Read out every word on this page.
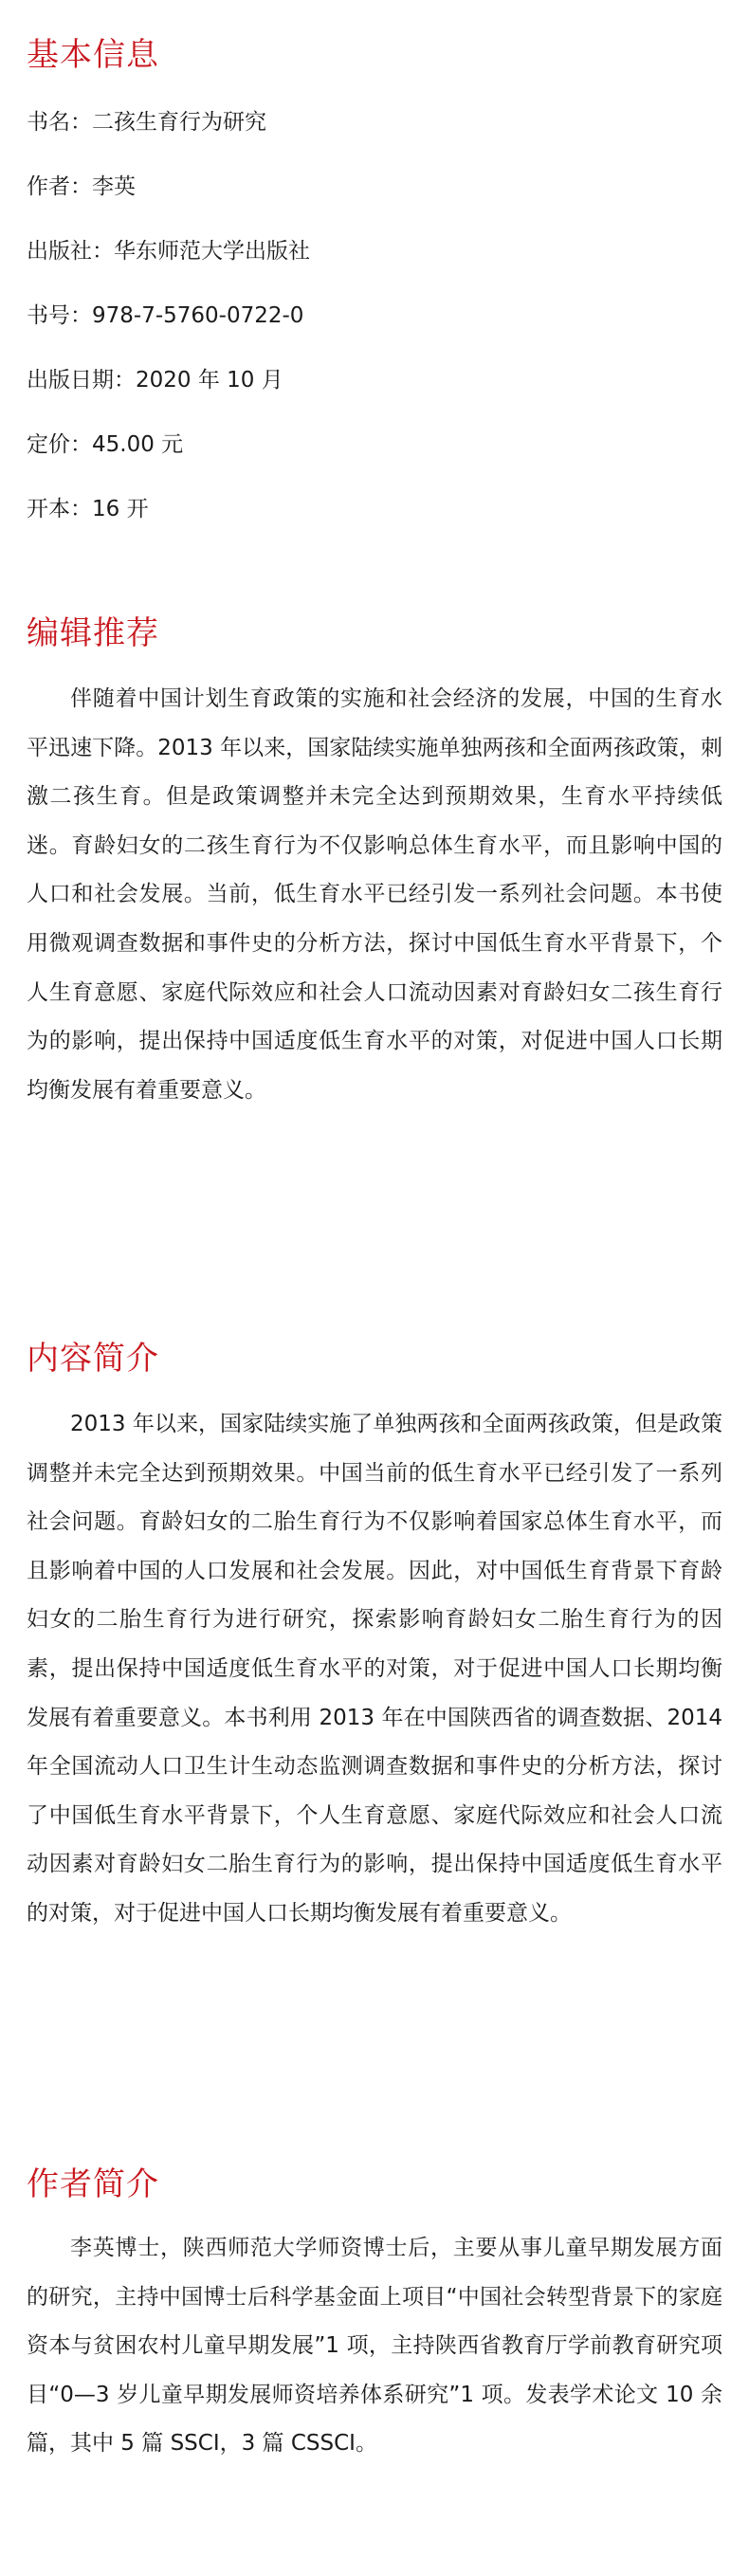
基本信息

书名：二孩生育行为研究

作者：李英

出版社：华东师范大学出版社

书号：978-7-5760-0722-0

出版日期：2020 年 10 月

定价：45.00 元

开本：16 开

编辑推荐

伴随着中国计划生育政策的实施和社会经济的发展，中国的生育水平迅速下降。2013 年以来，国家陆续实施单独两孩和全面两孩政策，刺激二孩生育。但是政策调整并未完全达到预期效果，生育水平持续低迷。育龄妇女的二孩生育行为不仅影响总体生育水平，而且影响中国的人口和社会发展。当前，低生育水平已经引发一系列社会问题。本书使用微观调查数据和事件史的分析方法，探讨中国低生育水平背景下，个人生育意愿、家庭代际效应和社会人口流动因素对育龄妇女二孩生育行为的影响，提出保持中国适度低生育水平的对策，对促进中国人口长期均衡发展有着重要意义。

内容简介

2013 年以来，国家陆续实施了单独两孩和全面两孩政策，但是政策调整并未完全达到预期效果。中国当前的低生育水平已经引发了一系列社会问题。育龄妇女的二胎生育行为不仅影响着国家总体生育水平，而且影响着中国的人口发展和社会发展。因此，对中国低生育背景下育龄妇女的二胎生育行为进行研究，探索影响育龄妇女二胎生育行为的因素，提出保持中国适度低生育水平的对策，对于促进中国人口长期均衡发展有着重要意义。本书利用 2013 年在中国陕西省的调查数据、2014 年全国流动人口卫生计生动态监测调查数据和事件史的分析方法，探讨了中国低生育水平背景下，个人生育意愿、家庭代际效应和社会人口流动因素对育龄妇女二胎生育行为的影响，提出保持中国适度低生育水平的对策，对于促进中国人口长期均衡发展有着重要意义。

作者简介

李英博士，陕西师范大学师资博士后，主要从事儿童早期发展方面的研究，主持中国博士后科学基金面上项目“中国社会转型背景下的家庭资本与贫困农村儿童早期发展”1 项，主持陕西省教育厅学前教育研究项目“0—3 岁儿童早期发展师资培养体系研究”1 项。发表学术论文 10 余篇，其中 5 篇 SSCI，3 篇 CSSCI。
